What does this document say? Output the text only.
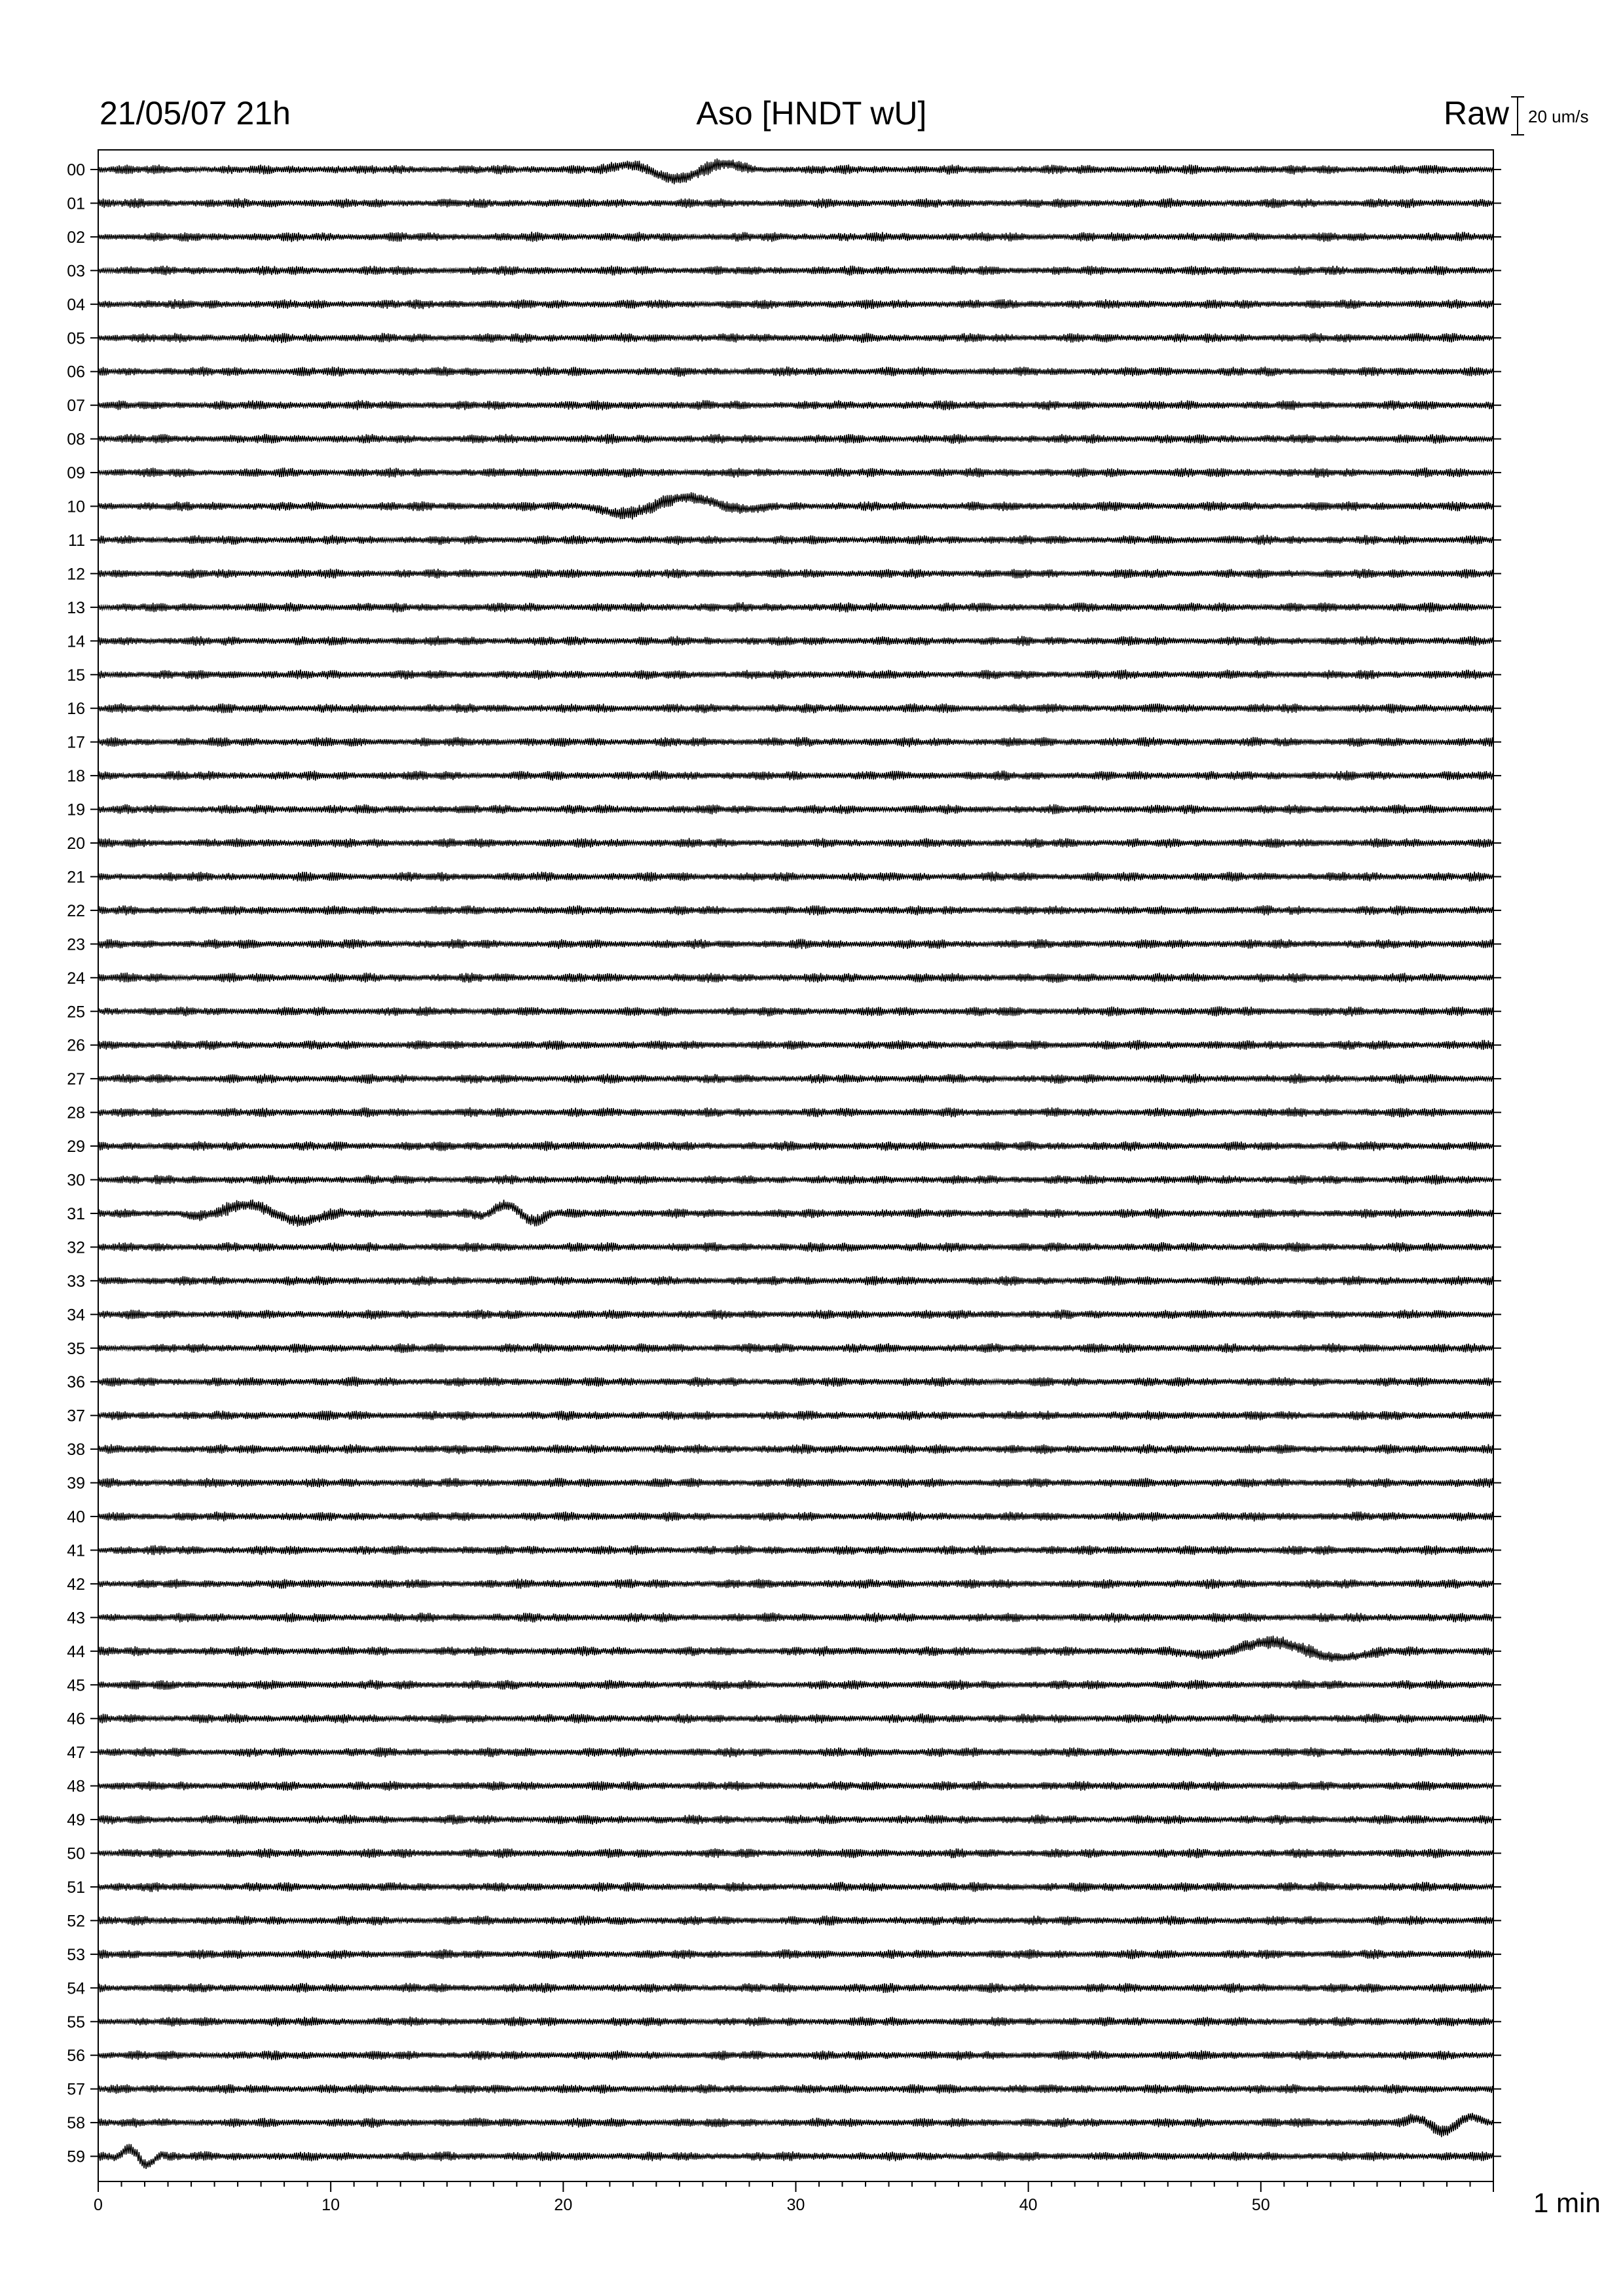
21/05/07 21h	Aso [HNDT wU]	Raw 20 um/s
1 min
00
01
02
03
04
05
06
07
08
09
10
11
12
13
14
15
16
17
18
19
20
21
22
23
24
25
26
27
28
29
30
31
32
33
34
35
36
37
38
39
40
41
42
43
44
45
46
47
48
49
50
51
52
53
54
55
56
57
58
59
0	10	20	30	40	50
